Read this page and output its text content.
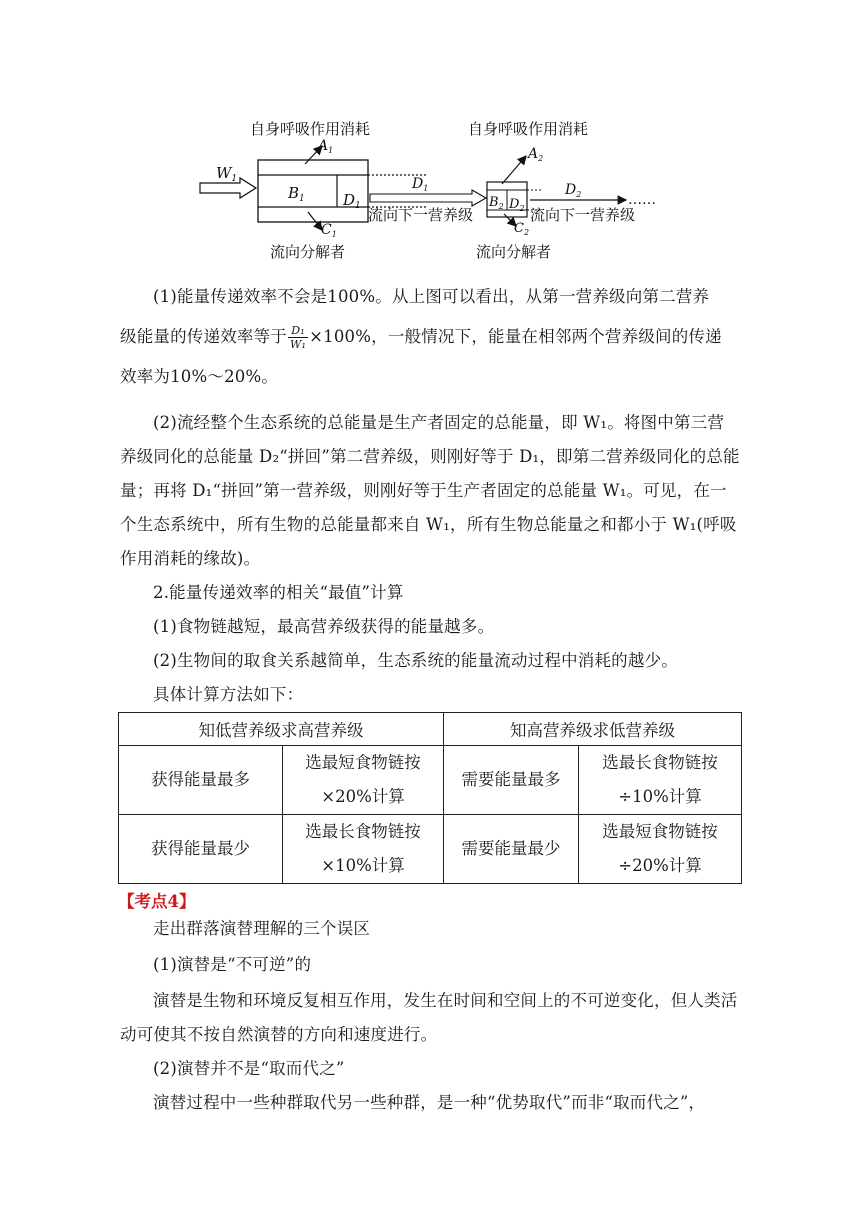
自身呼吸作用消耗	自身呼吸作用消耗
$W_1$
$B_1$	$D_1$
$A_1$
$C_1$
流向分解者
$D_1$
流向下一营养级
$B_2$ $D_2$
$A_2$
$C_2$
流向分解者
$D_2$	……
流向下一营养级
(1)能量传递效率不会是100%。从上图可以看出，从第一营养级向第二营养
级能量的传递效率等于 $\frac{\text{D₁}}{\text{W₁}} \times 100\%$，一般情况下，能量在相邻两个营养级间的传递
效率为10%～20%。

(2)流经整个生态系统的总能量是生产者固定的总能量，即 W₁。将图中第三营养级同化的总能量 D₂“拼回”第二营养级，则刚好等于 D₁，即第二营养级同化的总能量；再将 D₁“拼回”第一营养级，则刚好等于生产者固定的总能量 W₁。可见，在一个生态系统中，所有生物的总能量都来自 W₁，所有生物总能量之和都小于 W₁(呼吸作用消耗的缘故)。

2.能量传递效率的相关“最值”计算

(1)食物链越短，最高营养级获得的能量越多。

(2)生物间的取食关系越简单，生态系统的能量流动过程中消耗的越少。

具体计算方法如下：

知低营养级求高营养级		知高营养级求低营养级	
获得能量最多	选最短食物链按×20%计算	需要能量最多	选最长食物链按÷10%计算
获得能量最少	选最长食物链按×10%计算	需要能量最少	选最短食物链按÷20%计算
【考点4】

走出群落演替理解的三个误区

(1)演替是“不可逆”的

演替是生物和环境反复相互作用，发生在时间和空间上的不可逆变化，但人类活动可使其不按自然演替的方向和速度进行。

(2)演替并不是“取而代之”

演替过程中一些种群取代另一些种群，是一种“优势取代”而非“取而代之”，
